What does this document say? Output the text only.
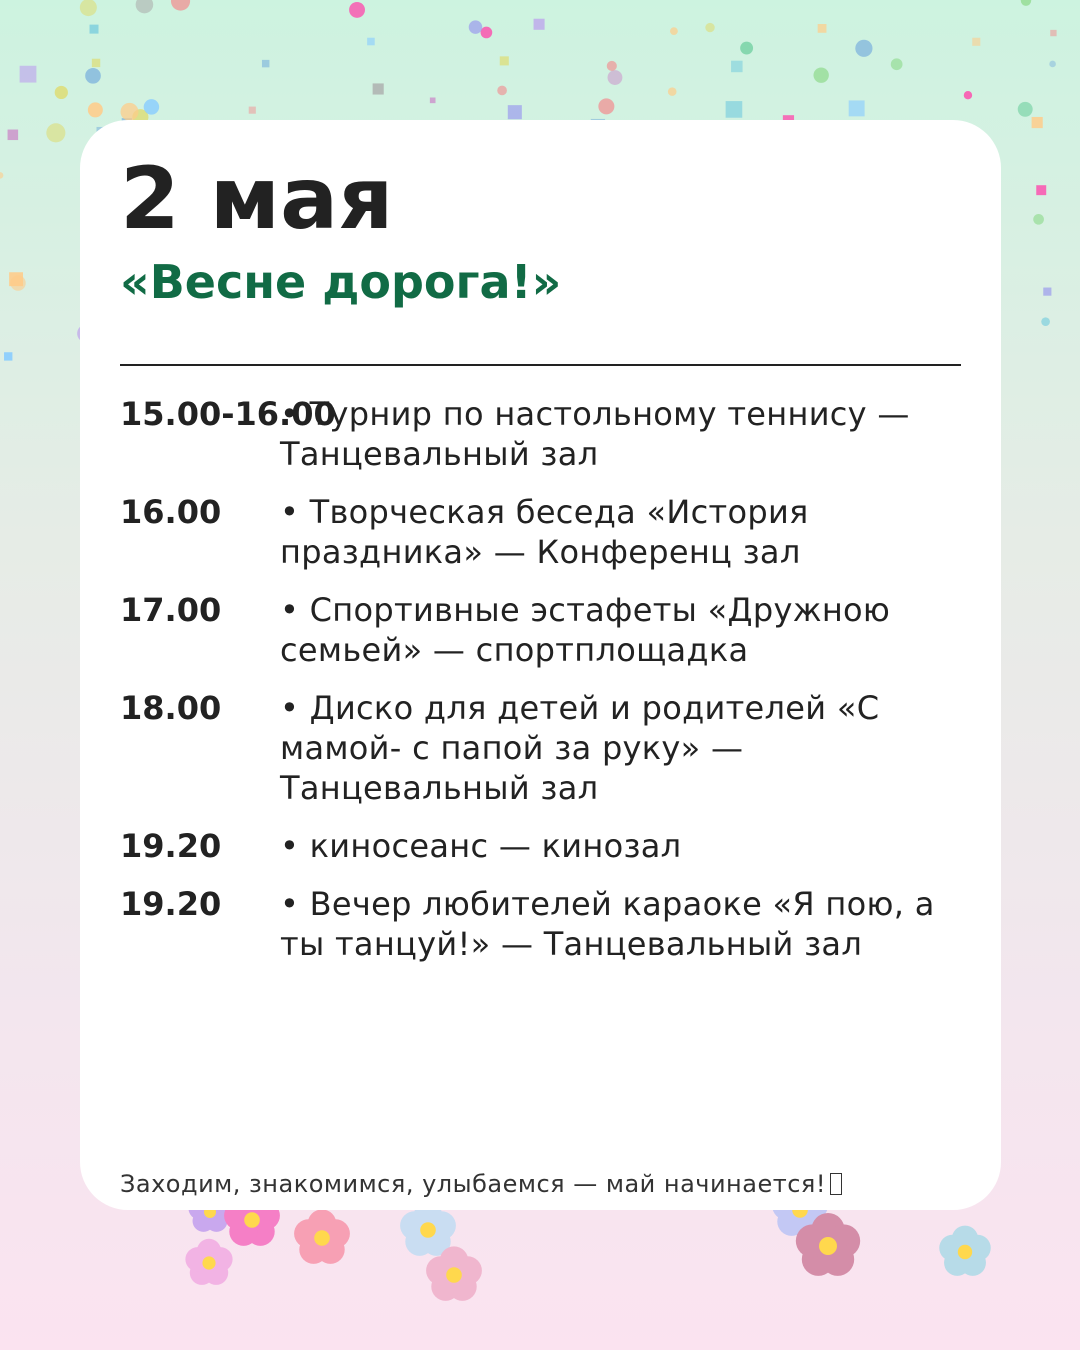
2 мая
«Весне дорога!»
15.00-16.00
• Турнир по настольному теннису — Танцевальный зал
16.00 • Творческая беседа «История праздника» — Конференц зал
17.00 • Спортивные эстафеты «Дружною семьей» — спортплощадка
18.00 • Диско для детей и родителей «С мамой- с папой за руку» — Танцевальный зал
19.20 • киносеанс — кинозал
19.20 • Вечер любителей караоке «Я пою, а ты танцуй!» — Танцевальный зал
Заходим, знакомимся, улыбаемся — май начинается!
